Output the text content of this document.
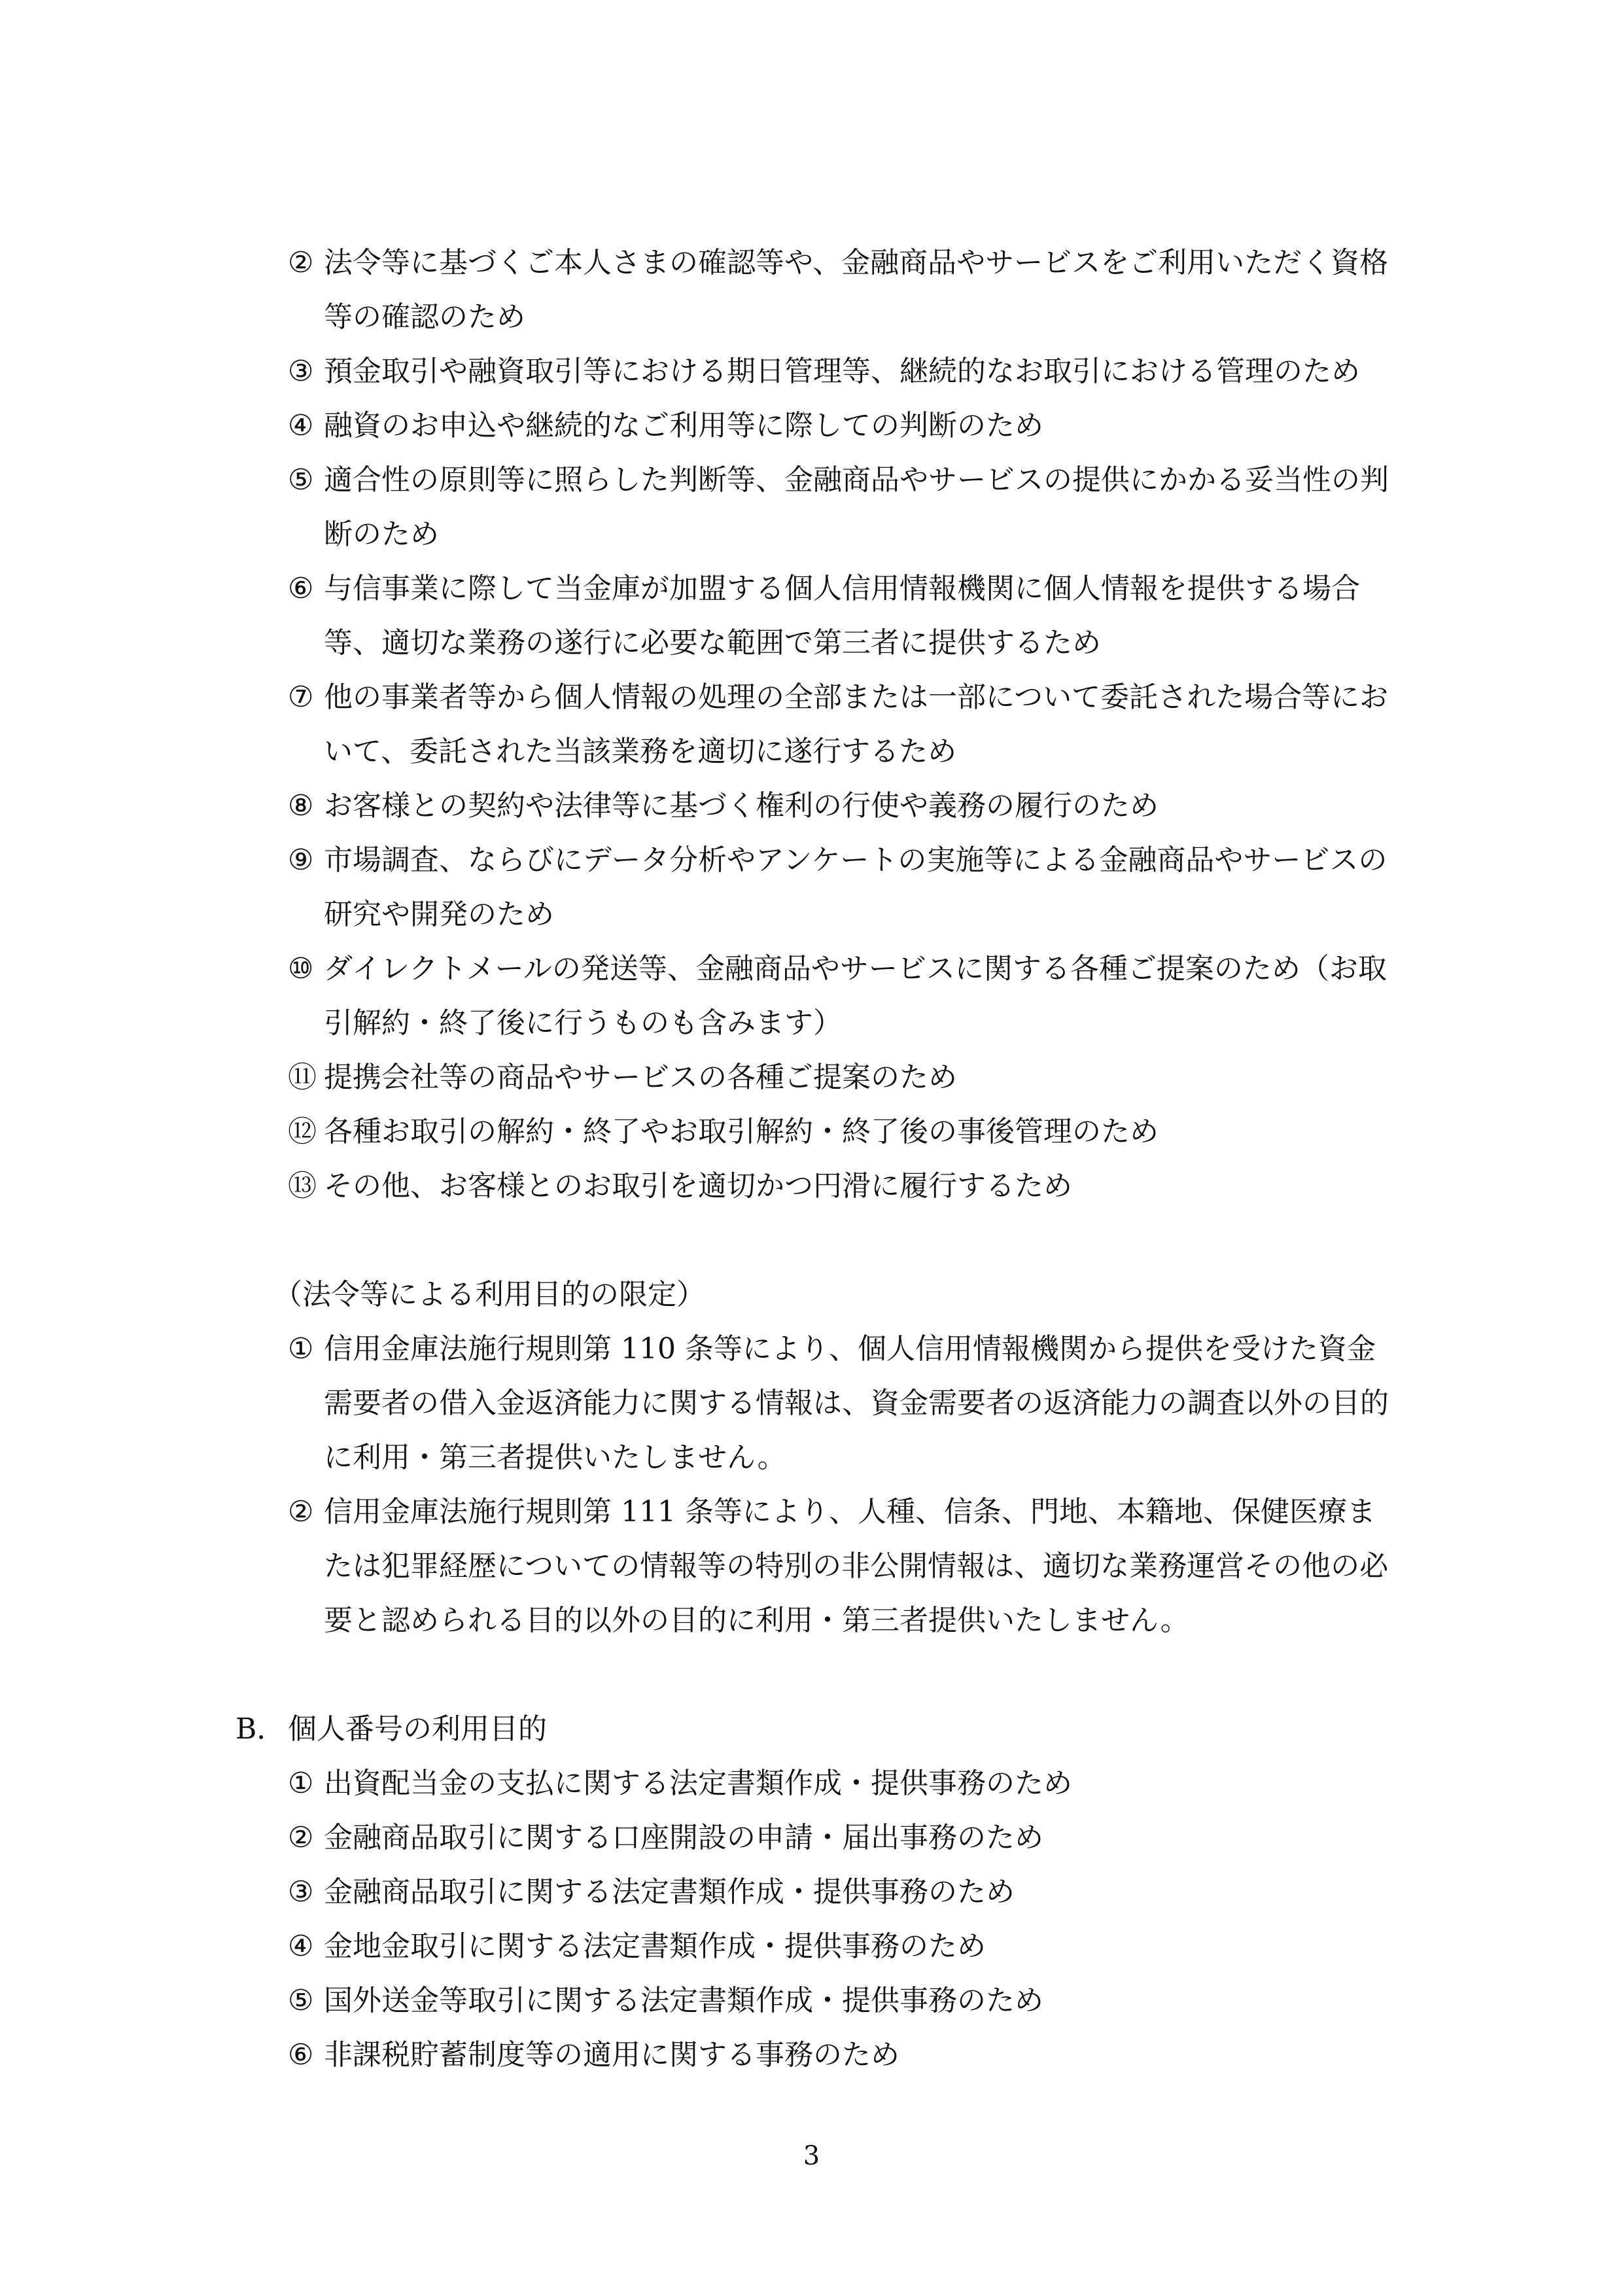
② 法令等に基づくご本人さまの確認等や、金融商品やサービスをご利用いただく資格等の確認のため
③ 預金取引や融資取引等における期日管理等、継続的なお取引における管理のため
④ 融資のお申込や継続的なご利用等に際しての判断のため
⑤ 適合性の原則等に照らした判断等、金融商品やサービスの提供にかかる妥当性の判断のため
⑥ 与信事業に際して当金庫が加盟する個人信用情報機関に個人情報を提供する場合等、適切な業務の遂行に必要な範囲で第三者に提供するため
⑦ 他の事業者等から個人情報の処理の全部または一部について委託された場合等において、委託された当該業務を適切に遂行するため
⑧ お客様との契約や法律等に基づく権利の行使や義務の履行のため
⑨ 市場調査、ならびにデータ分析やアンケートの実施等による金融商品やサービスの研究や開発のため
⑩ ダイレクトメールの発送等、金融商品やサービスに関する各種ご提案のため（お取引解約・終了後に行うものも含みます）
⑪ 提携会社等の商品やサービスの各種ご提案のため
⑫ 各種お取引の解約・終了やお取引解約・終了後の事後管理のため
⑬ その他、お客様とのお取引を適切かつ円滑に履行するため
（法令等による利用目的の限定）
① 信用金庫法施行規則第 110 条等により、個人信用情報機関から提供を受けた資金需要者の借入金返済能力に関する情報は、資金需要者の返済能力の調査以外の目的に利用・第三者提供いたしません。
② 信用金庫法施行規則第 111 条等により、人種、信条、門地、本籍地、保健医療または犯罪経歴についての情報等の特別の非公開情報は、適切な業務運営その他の必要と認められる目的以外の目的に利用・第三者提供いたしません。
B．個人番号の利用目的
① 出資配当金の支払に関する法定書類作成・提供事務のため
② 金融商品取引に関する口座開設の申請・届出事務のため
③ 金融商品取引に関する法定書類作成・提供事務のため
④ 金地金取引に関する法定書類作成・提供事務のため
⑤ 国外送金等取引に関する法定書類作成・提供事務のため
⑥ 非課税貯蓄制度等の適用に関する事務のため
3
